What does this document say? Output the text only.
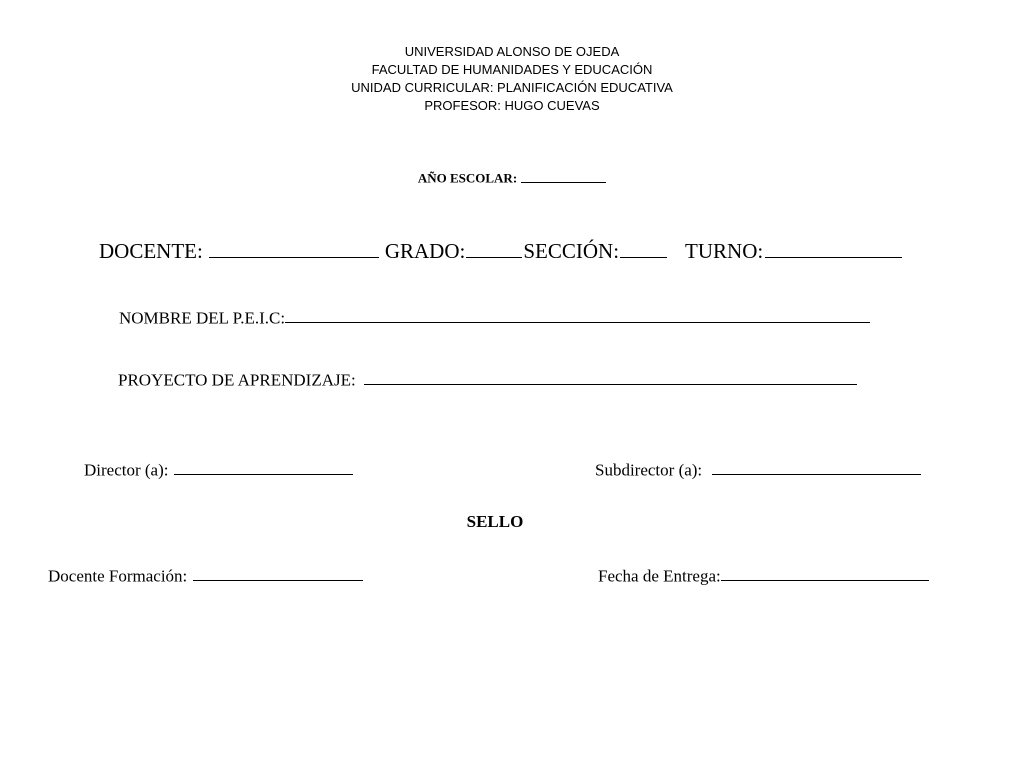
UNIVERSIDAD ALONSO DE OJEDA
FACULTAD DE HUMANIDADES Y EDUCACIÓN
UNIDAD CURRICULAR: PLANIFICACIÓN EDUCATIVA
PROFESOR: HUGO CUEVAS
AÑO ESCOLAR:
DOCENTE:	GRADO:	SECCIÓN:	TURNO:
NOMBRE DEL P.E.I.C:
PROYECTO DE APRENDIZAJE:
Director (a):	Subdirector (a):
SELLO
Docente Formación:	Fecha de Entrega:
